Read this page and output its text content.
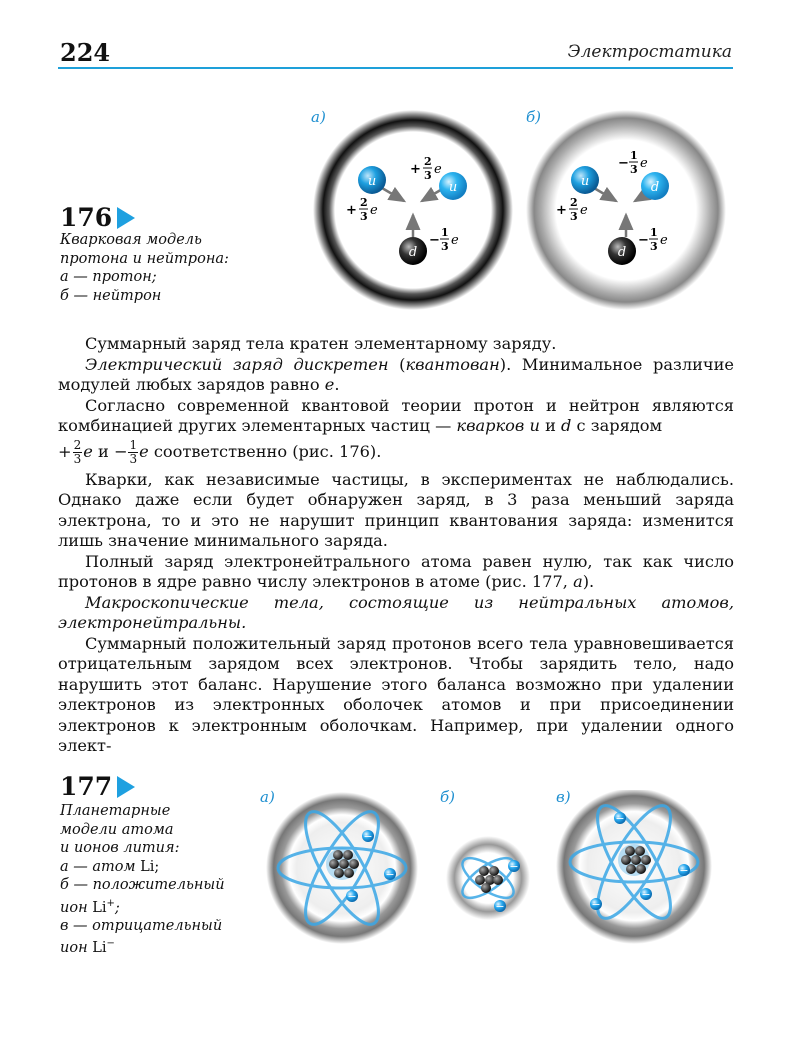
224	Электростатика
176
Кварковая модель
протона и нейтрона:
а — протон;
б — нейтрон
а)	б)
u	u
d
+
2
3 e
+
2
3 e
−
1
3 e
u	d
d
−
1
3 e
+
2
3 e
−
1
3 e

Суммарный заряд тела кратен элементарному заряду.

Электрический заряд дискретен (квантован). Минимальное различие модулей любых зарядов равно e.

Согласно современной квантовой теории протон и нейтрон являются комбинацией других элементарных частиц — кварков u и d с зарядом

+ $\frac{2}{3}$ e $и - \frac{1}{3}$ e соответственно (рис. 176).

Кварки, как независимые частицы, в экспериментах не наблюдались. Однако даже если будет обнаружен заряд, в 3 раза меньший заряда электрона, то и это не нарушит принцип квантования заряда: изменится лишь значение минимального заряда.

Полный заряд электронейтрального атома равен нулю, так как число протонов в ядре равно числу электронов в атоме (рис. 177, а).

Макроскопические тела, состоящие из нейтральных атомов, электронейтральны.

Суммарный положительный заряд протонов всего тела уравновешивается отрицательным зарядом всех электронов. Чтобы зарядить тело, надо нарушить этот баланс. Нарушение этого баланса возможно при удалении электронов из электронных оболочек атомов и при присоединении электронов к электронным оболочкам. Например, при удалении одного элект-

177
Планетарные
модели атома
и ионов лития:
а — атом Li;
б — положительный
ион Li+;
в — отрицательный
ион Li−
а)	б)	в)
−
−
−
−
−
−
−
−
−
